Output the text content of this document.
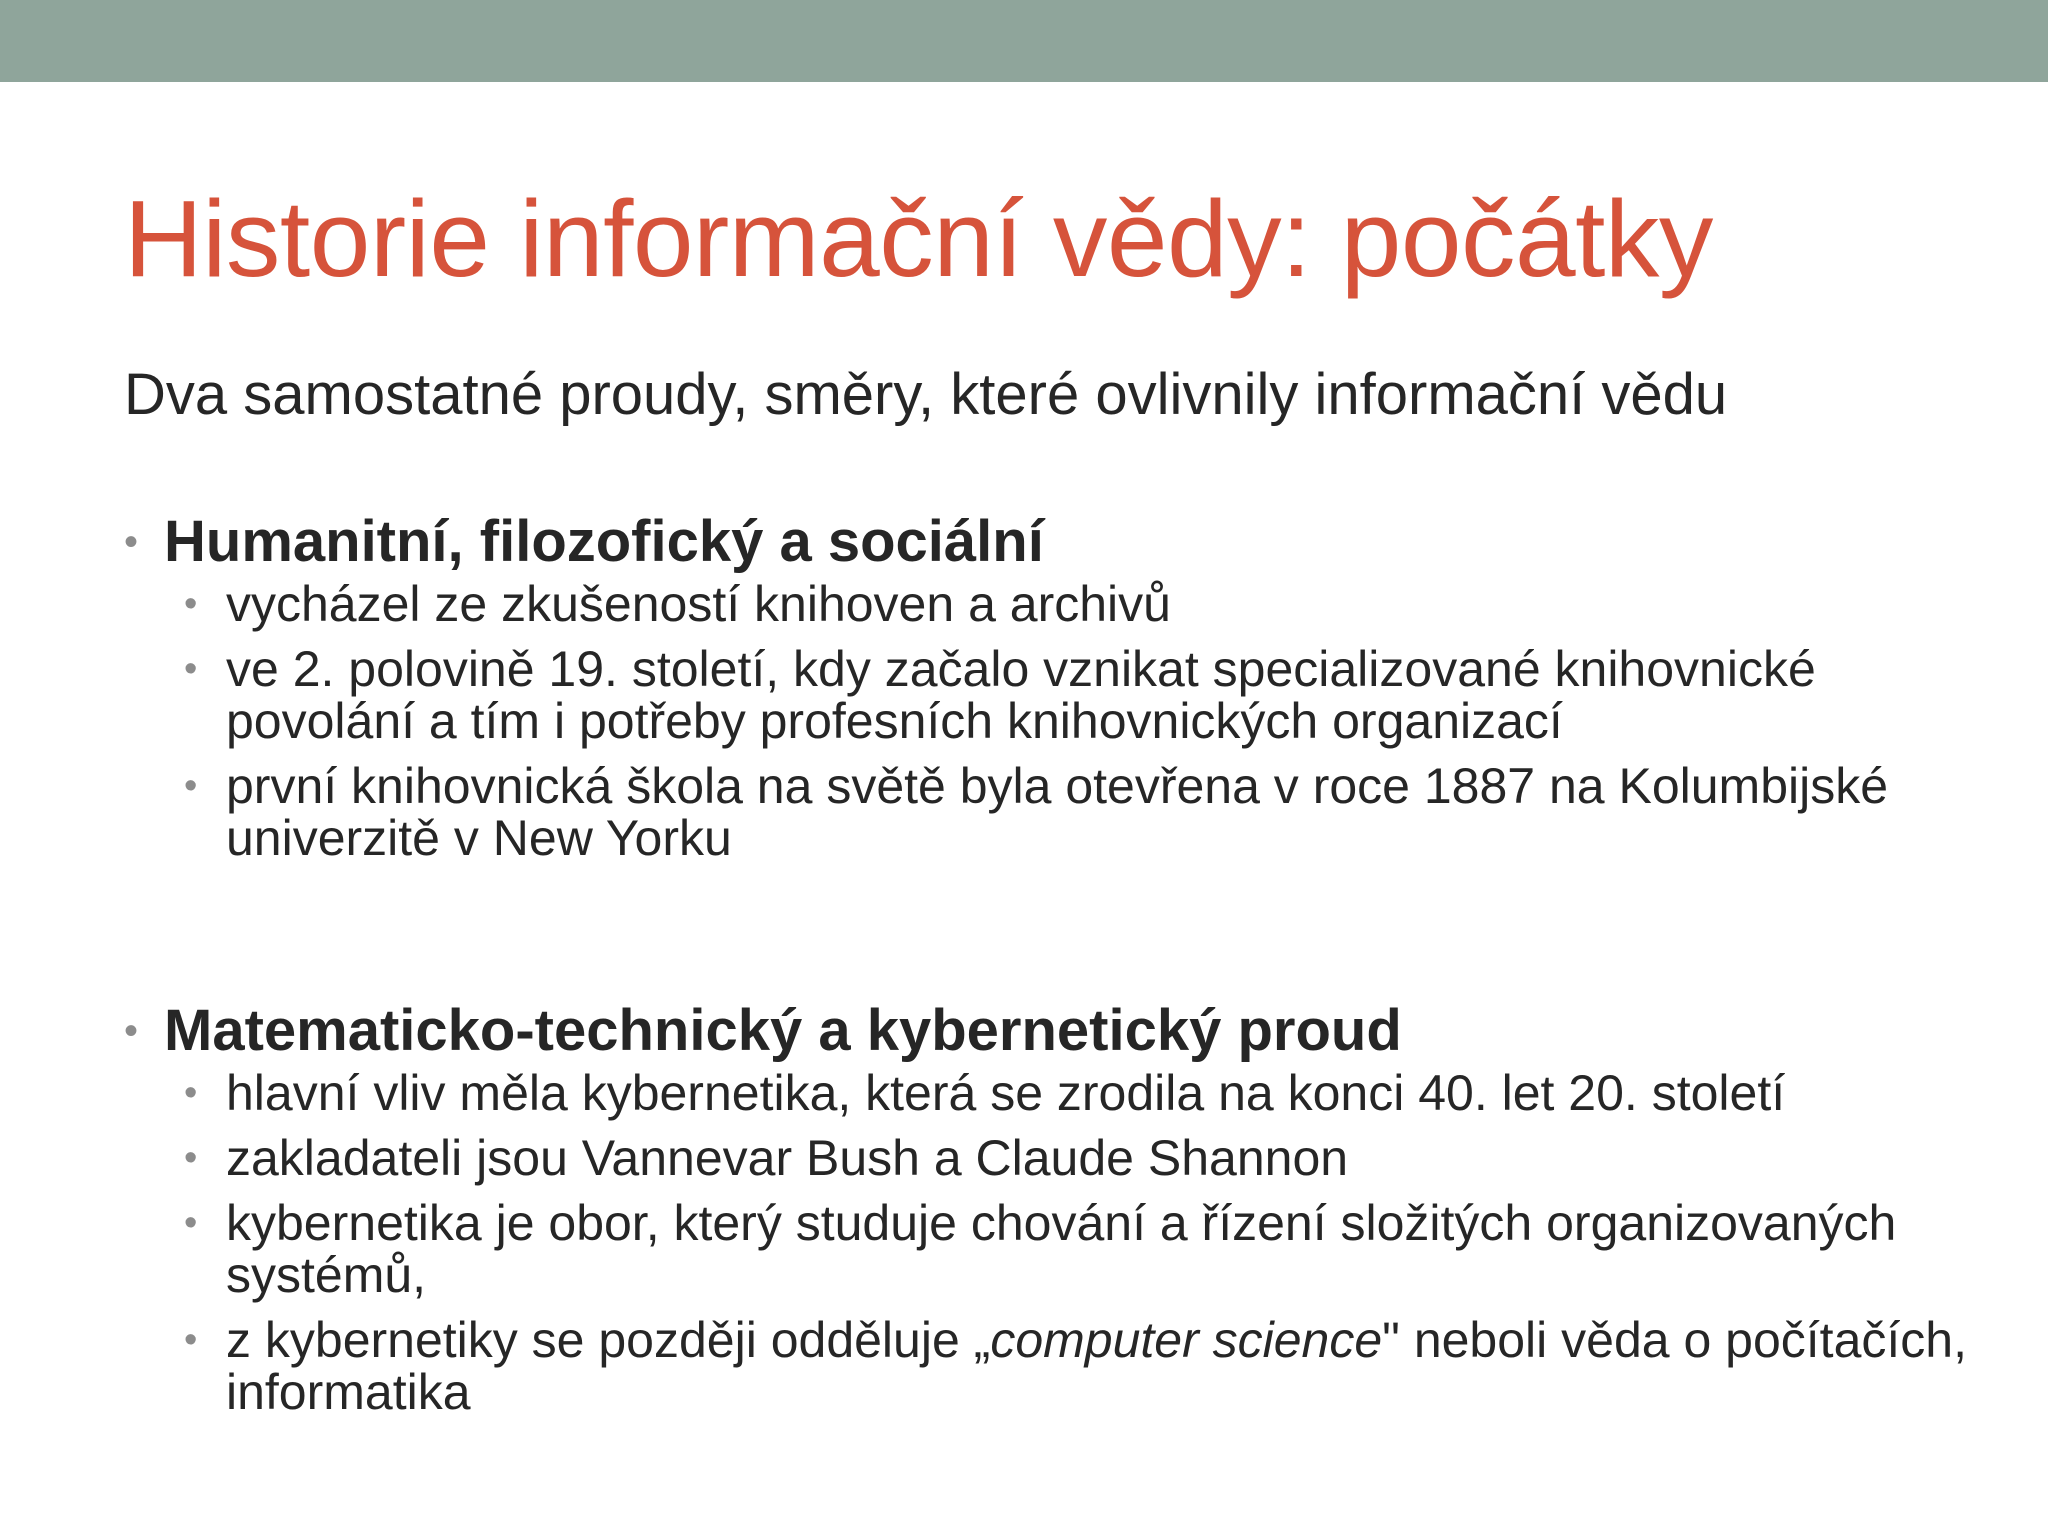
Historie informační vědy: počátky

Dva samostatné proudy, směry, které ovlivnily informační vědu

• Humanitní, filozofický a sociální
• vycházel ze zkušeností knihoven a archivů
• ve 2. polovině 19. století, kdy začalo vznikat specializované knihovnické povolání a tím i potřeby profesních knihovnických organizací
• první knihovnická škola na světě byla otevřena v roce 1887 na Kolumbijské univerzitě v New Yorku
• Matematicko-technický a kybernetický proud
• hlavní vliv měla kybernetika, která se zrodila na konci 40. let 20. století
• zakladateli jsou Vannevar Bush a Claude Shannon
• kybernetika je obor, který studuje chování a řízení složitých organizovaných systémů,
• z kybernetiky se později odděluje „computer science" neboli věda o počítačích, informatika
